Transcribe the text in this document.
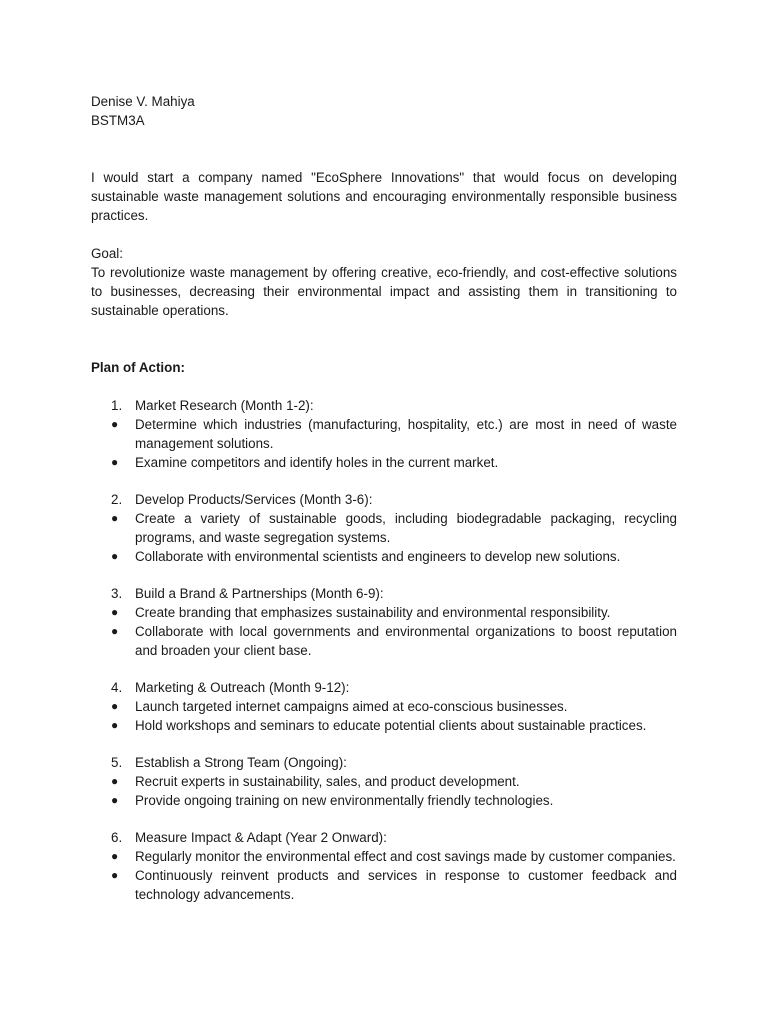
Denise V. Mahiya

BSTM3A

I would start a company named "EcoSphere Innovations" that would focus on developing sustainable waste management solutions and encouraging environmentally responsible business practices.

Goal:

To revolutionize waste management by offering creative, eco-friendly, and cost-effective solutions to businesses, decreasing their environmental impact and assisting them in transitioning to sustainable operations.

Plan of Action:

1. Market Research (Month 1-2):

● Determine which industries (manufacturing, hospitality, etc.) are most in need of waste management solutions.

● Examine competitors and identify holes in the current market.

2. Develop Products/Services (Month 3-6):

● Create a variety of sustainable goods, including biodegradable packaging, recycling programs, and waste segregation systems.

● Collaborate with environmental scientists and engineers to develop new solutions.

3. Build a Brand & Partnerships (Month 6-9):

● Create branding that emphasizes sustainability and environmental responsibility.

● Collaborate with local governments and environmental organizations to boost reputation and broaden your client base.

4. Marketing & Outreach (Month 9-12):

● Launch targeted internet campaigns aimed at eco-conscious businesses.

● Hold workshops and seminars to educate potential clients about sustainable practices.

5. Establish a Strong Team (Ongoing):

● Recruit experts in sustainability, sales, and product development.

● Provide ongoing training on new environmentally friendly technologies.

6. Measure Impact & Adapt (Year 2 Onward):

● Regularly monitor the environmental effect and cost savings made by customer companies.

● Continuously reinvent products and services in response to customer feedback and technology advancements.
